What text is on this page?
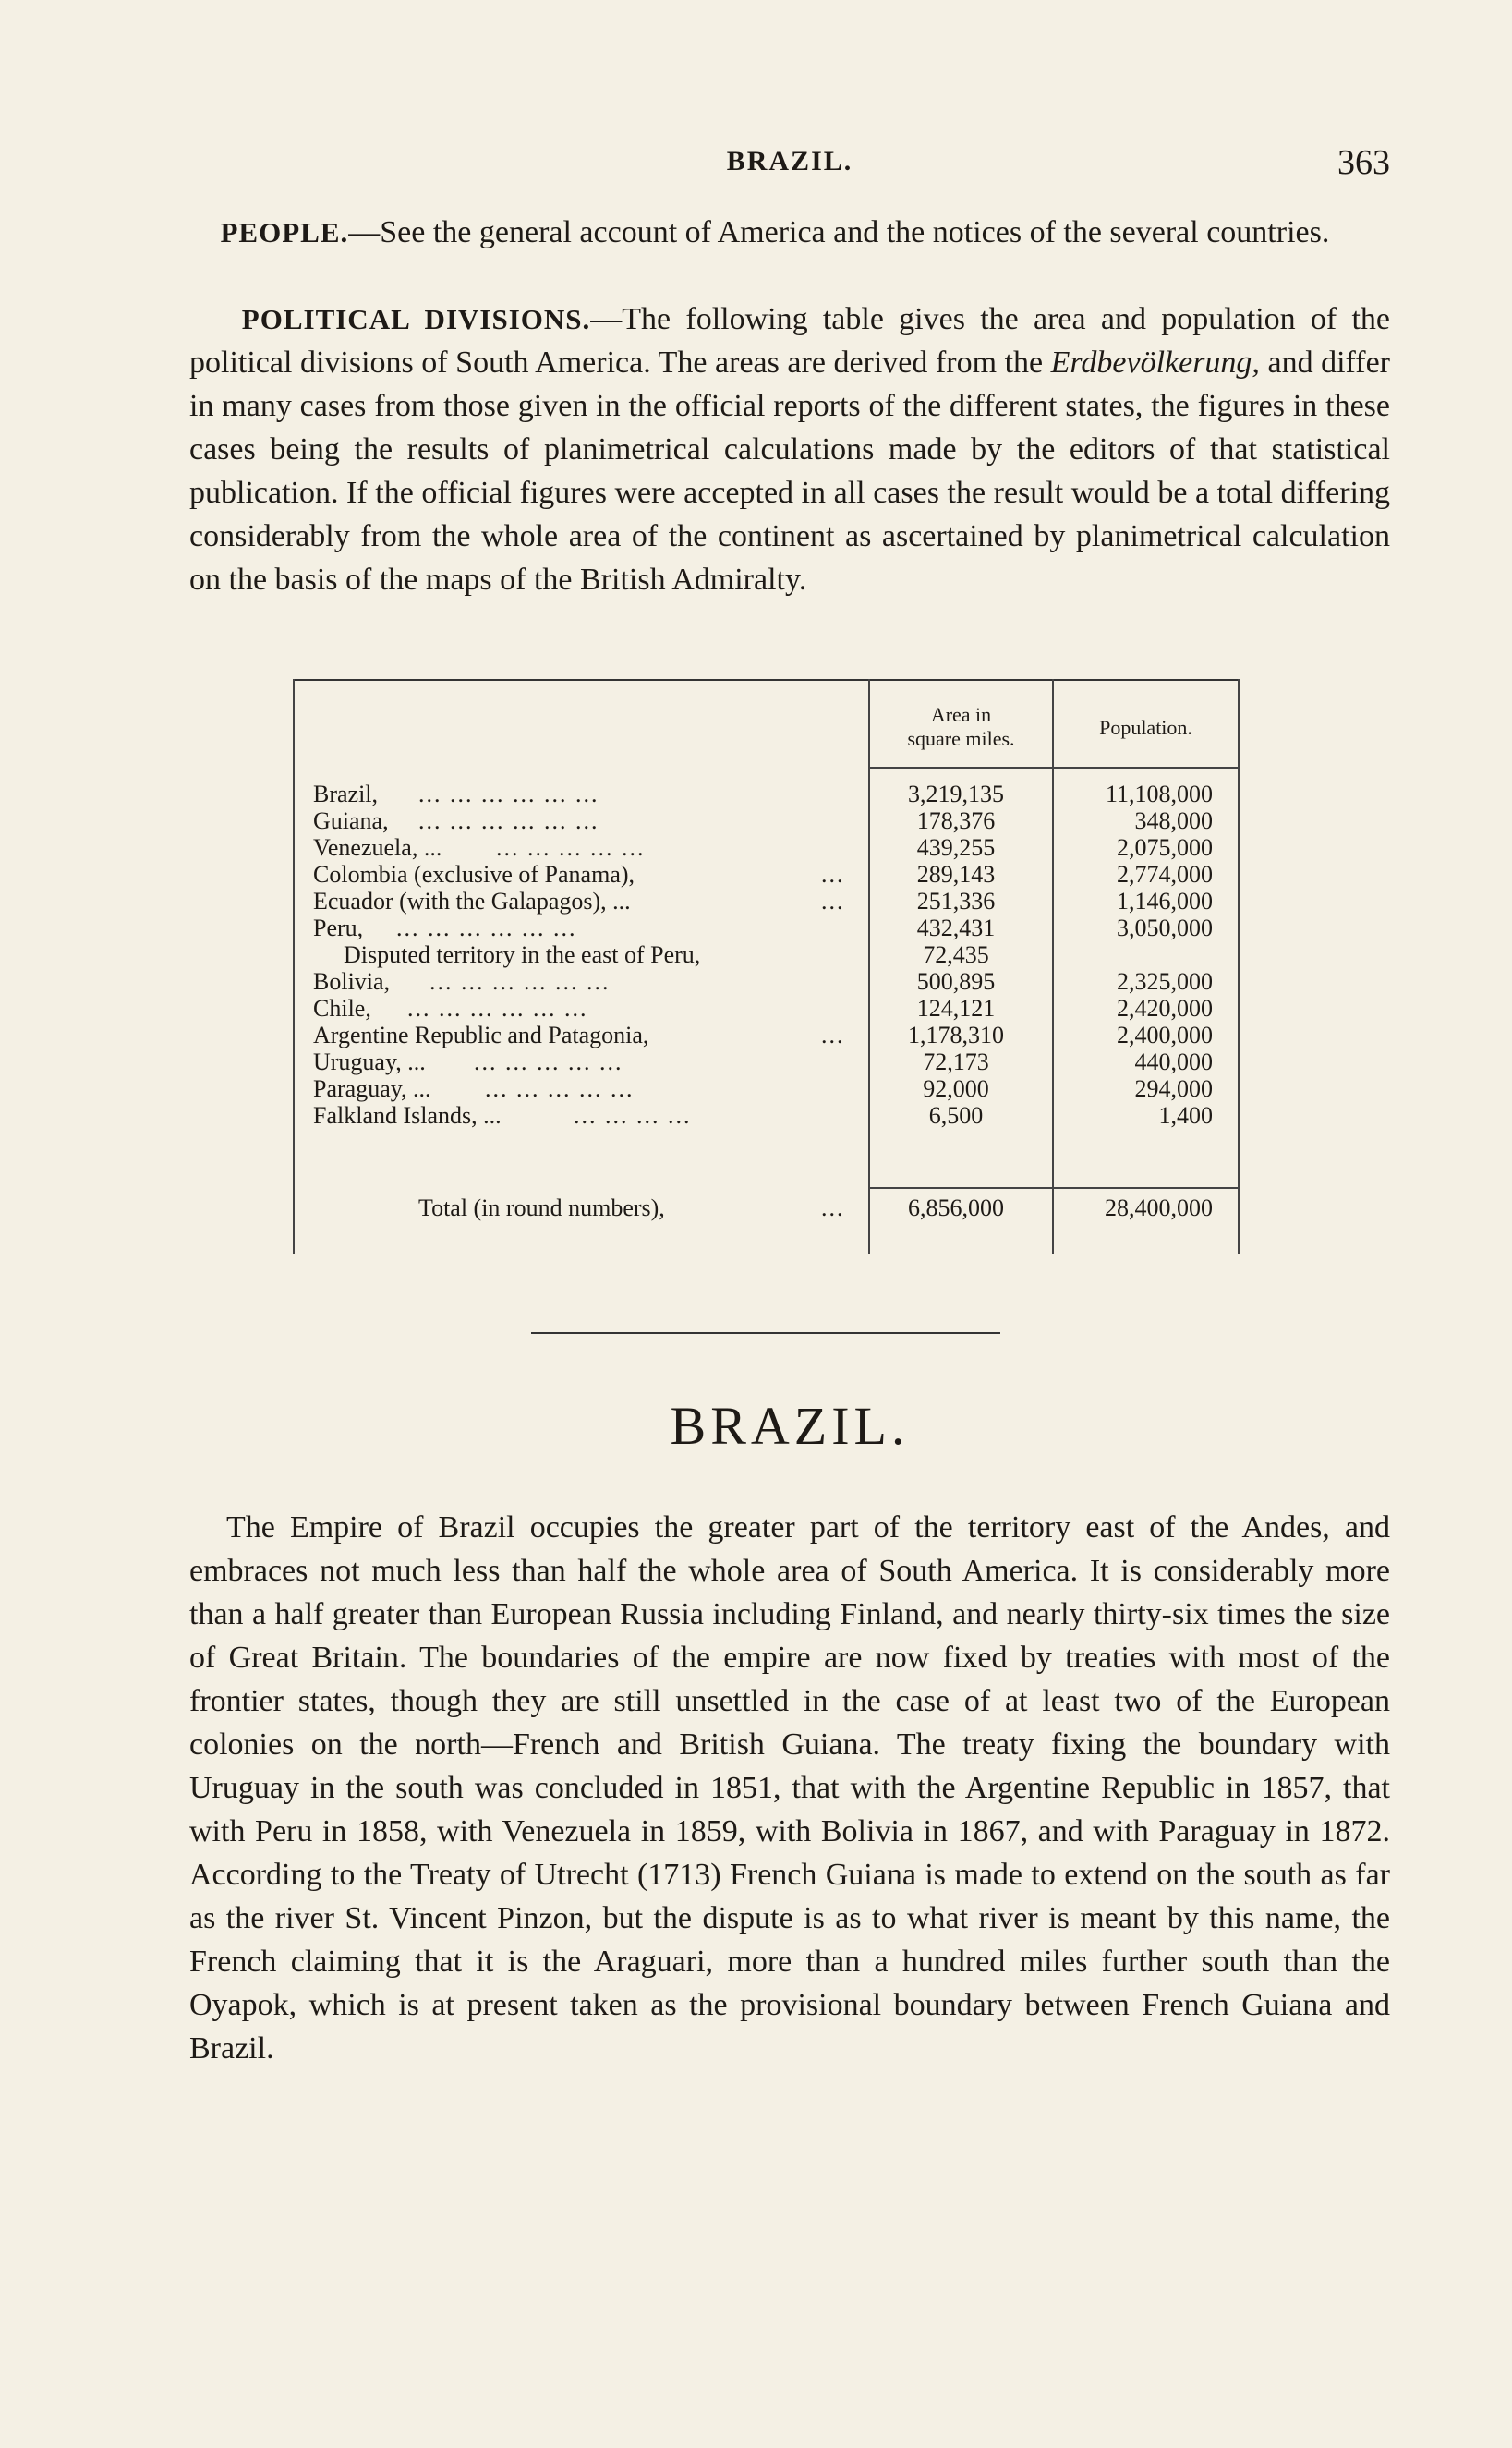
BRAZIL.	363

PEOPLE.—See the general account of America and the notices of the several countries.

POLITICAL DIVISIONS.—The following table gives the area and population of the political divisions of South America. The areas are derived from the Erdbevölkerung, and differ in many cases from those given in the official reports of the different states, the figures in these cases being the results of planimetrical calculations made by the editors of that statistical publication. If the official figures were accepted in all cases the result would be a total differing considerably from the whole area of the continent as ascertained by planimetrical calculation on the basis of the maps of the British Admiralty.

Area in
square miles.	Population.
Brazil, ... ... ... ... ... ...	3,219,135	11,108,000
Guiana, ... ... ... ... ... ...	178,376	348,000
Venezuela, ... ... ... ... ... ...	439,255	2,075,000
Colombia (exclusive of Panama),	...	289,143	2,774,000
Ecuador (with the Galapagos), ...	...	251,336	1,146,000
Peru, ... ... ... ... ... ...	432,431	3,050,000
Disputed territory in the east of Peru,	72,435
Bolivia, ... ... ... ... ... ...	500,895	2,325,000
Chile, ... ... ... ... ... ...	124,121	2,420,000
Argentine Republic and Patagonia,	...	1,178,310	2,400,000
Uruguay, ... ... ... ... ... ...	72,173	440,000
Paraguay, ... ... ... ... ... ...	92,000	294,000
Falkland Islands, ...	... ... ... ...	6,500	1,400
Total (in round numbers),	...	6,856,000	28,400,000
BRAZIL.

The Empire of Brazil occupies the greater part of the territory east of the Andes, and embraces not much less than half the whole area of South America. It is considerably more than a half greater than European Russia including Finland, and nearly thirty-six times the size of Great Britain. The boundaries of the empire are now fixed by treaties with most of the frontier states, though they are still unsettled in the case of at least two of the European colonies on the north—French and British Guiana. The treaty fixing the boundary with Uruguay in the south was concluded in 1851, that with the Argentine Republic in 1857, that with Peru in 1858, with Venezuela in 1859, with Bolivia in 1867, and with Paraguay in 1872. According to the Treaty of Utrecht (1713) French Guiana is made to extend on the south as far as the river St. Vincent Pinzon, but the dispute is as to what river is meant by this name, the French claiming that it is the Araguari, more than a hundred miles further south than the Oyapok, which is at present taken as the provisional boundary between French Guiana and Brazil.
